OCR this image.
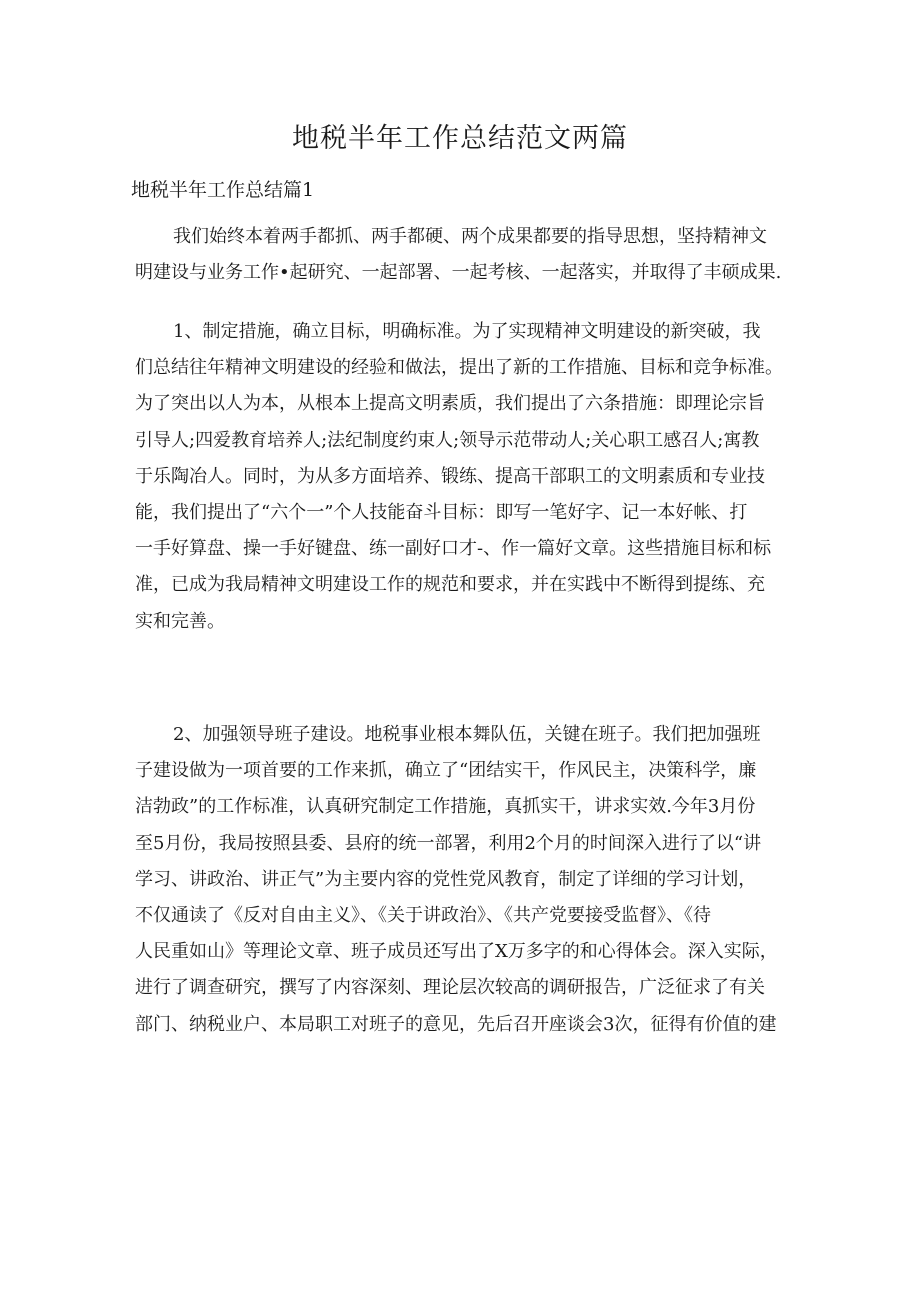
地税半年工作总结范文两篇
地税半年工作总结篇1

我们始终本着两手都抓、两手都硬、两个成果都要的指导思想，坚持精神文
明建设与业务工作•起研究、一起部署、一起考核、一起落实，并取得了丰硕成果.

1、制定措施，确立目标，明确标准。为了实现精神文明建设的新突破，我
们总结往年精神文明建设的经验和做法，提出了新的工作措施、目标和竞争标准。
为了突出以人为本，从根本上提高文明素质，我们提出了六条措施：即理论宗旨
引导人;四爱教育培养人;法纪制度约束人;领导示范带动人;关心职工感召人;寓教
于乐陶冶人。同时，为从多方面培养、锻练、提高干部职工的文明素质和专业技
能，我们提出了“六个一”个人技能奋斗目标：即写一笔好字、记一本好帐、打
一手好算盘、操一手好键盘、练一副好口才-、作一篇好文章。这些措施目标和标
准，已成为我局精神文明建设工作的规范和要求，并在实践中不断得到提练、充
实和完善。

2、加强领导班子建设。地税事业根本舞队伍，关键在班子。我们把加强班
子建设做为一项首要的工作来抓，确立了“团结实干，作风民主，决策科学，廉
洁勃政”的工作标准，认真研究制定工作措施，真抓实干，讲求实效.今年3月份
至5月份，我局按照县委、县府的统一部署，利用2个月的时间深入进行了以“讲
学习、讲政治、讲正气”为主要内容的党性党风教育，制定了详细的学习计划，
不仅通读了《反对自由主义》、《关于讲政治》、《共产党要接受监督》、《待
人民重如山》等理论文章、班子成员还写出了X万多字的和心得体会。深入实际，
进行了调查研究，撰写了内容深刻、理论层次较高的调研报告，广泛征求了有关
部门、纳税业户、本局职工对班子的意见，先后召开座谈会3次，征得有价值的建
